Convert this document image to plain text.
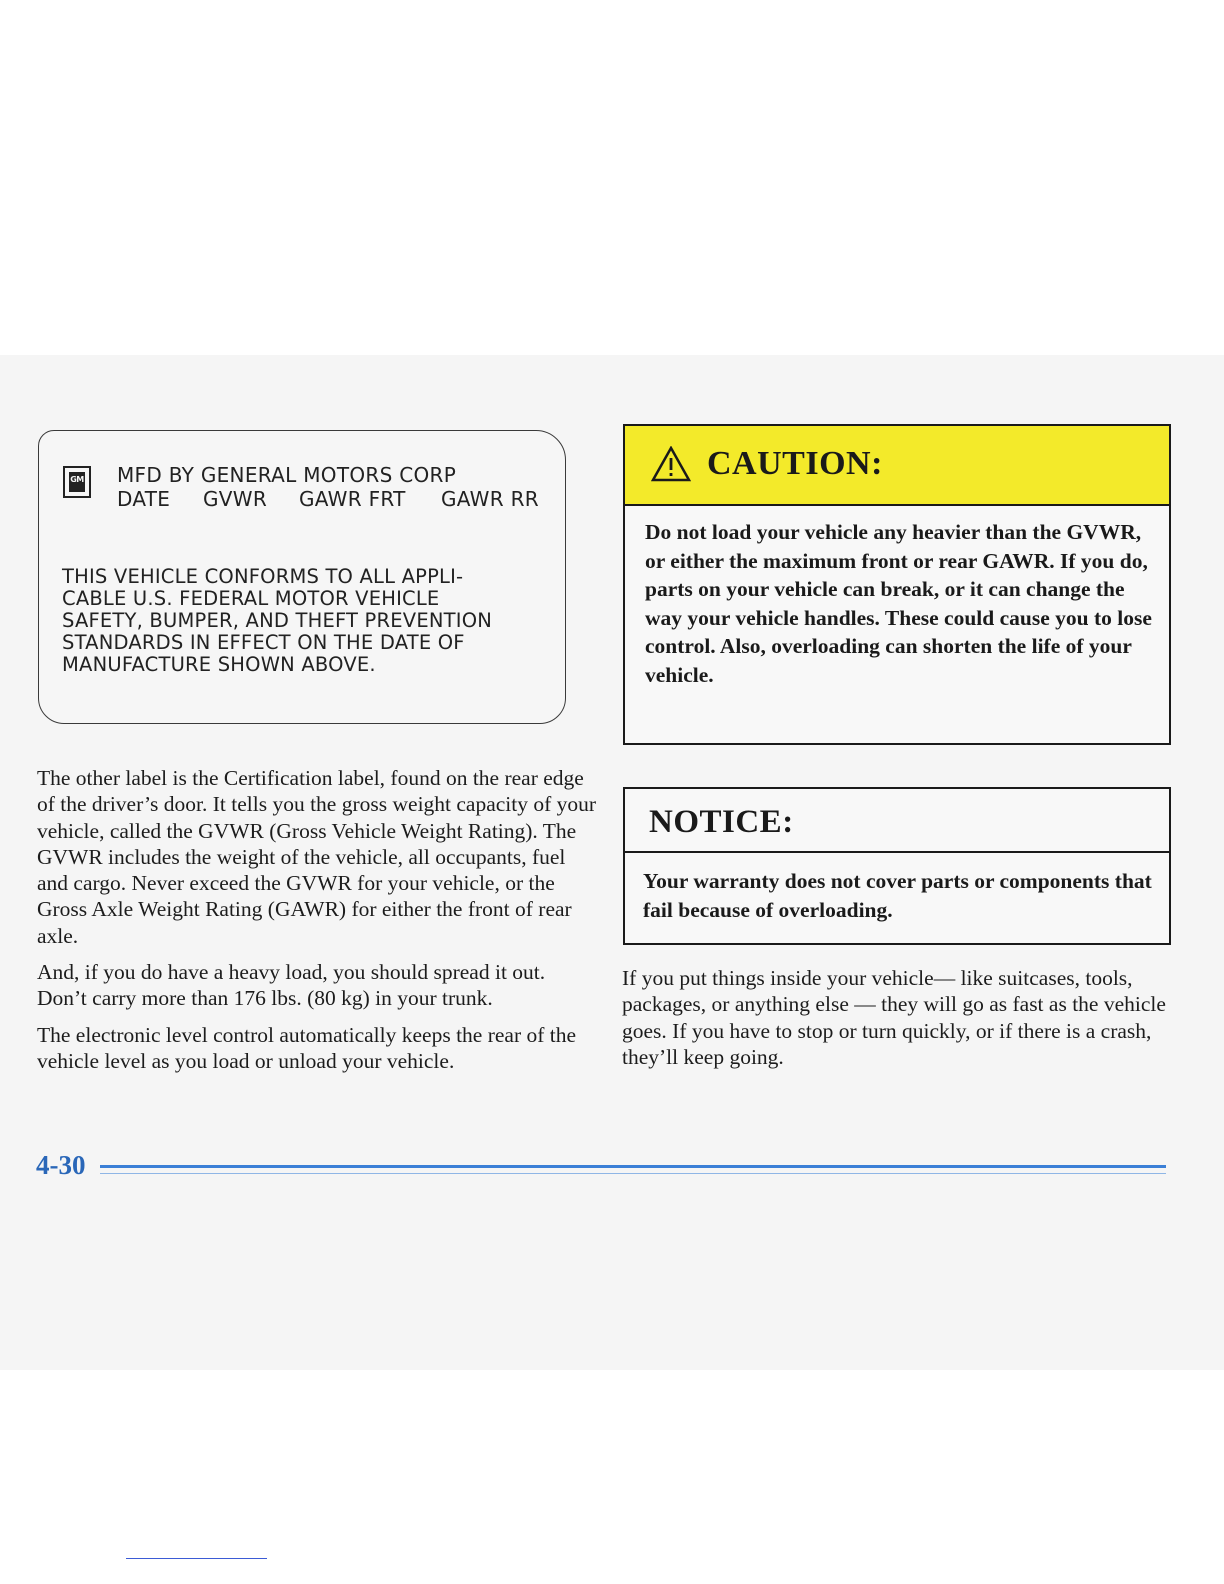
GM MFD BY GENERAL MOTORS CORP
DATE	GVWR	GAWR FRT	GAWR RR
THIS VEHICLE CONFORMS TO ALL APPLI-
CABLE U.S. FEDERAL MOTOR VEHICLE
SAFETY, BUMPER, AND THEFT PREVENTION
STANDARDS IN EFFECT ON THE DATE OF
MANUFACTURE SHOWN ABOVE.

The other label is the Certification label, found on the rear edge of the driver’s door. It tells you the gross weight capacity of your vehicle, called the GVWR (Gross Vehicle Weight Rating). The GVWR includes the weight of the vehicle, all occupants, fuel and cargo. Never exceed the GVWR for your vehicle, or the Gross Axle Weight Rating (GAWR) for either the front of rear axle.

And, if you do have a heavy load, you should spread it out. Don’t carry more than 176 lbs. (80 kg) in your trunk.

The electronic level control automatically keeps the rear of the vehicle level as you load or unload your vehicle.

CAUTION:
Do not load your vehicle any heavier than the GVWR, or either the maximum front or rear GAWR. If you do, parts on your vehicle can break, or it can change the way your vehicle handles. These could cause you to lose control. Also, overloading can shorten the life of your vehicle.
NOTICE:
Your warranty does not cover parts or components that fail because of overloading.
If you put things inside your vehicle— like suitcases, tools, packages, or anything else — they will go as fast as the vehicle goes. If you have to stop or turn quickly, or if there is a crash, they’ll keep going.
4-30
